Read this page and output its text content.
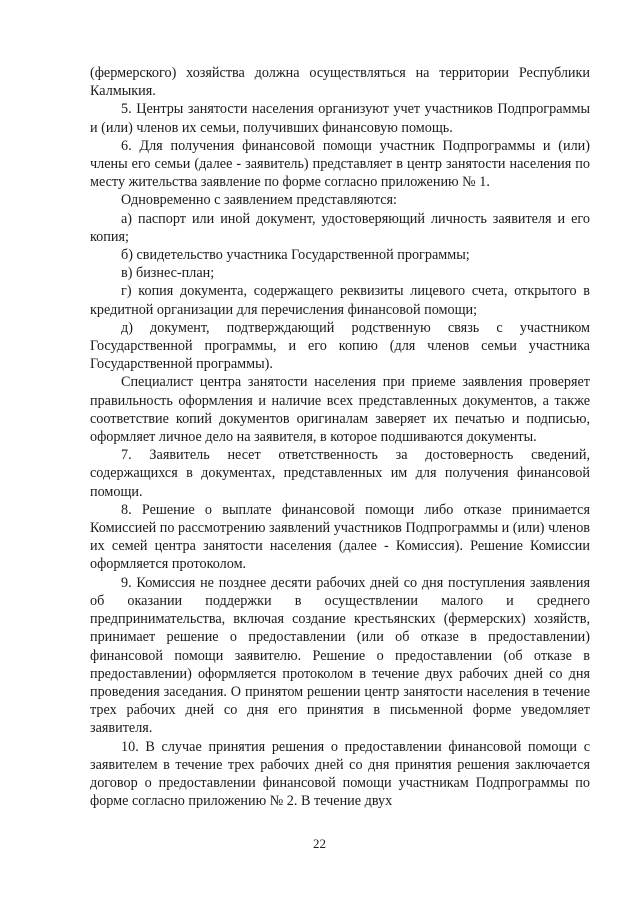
(фермерского) хозяйства должна осуществляться на территории Республики Калмыкия.

5. Центры занятости населения организуют учет участников Подпрограммы и (или) членов их семьи, получивших финансовую помощь.

6. Для получения финансовой помощи участник Подпрограммы и (или) члены его семьи (далее - заявитель) представляет в центр занятости населения по месту жительства заявление по форме согласно приложению № 1.

Одновременно с заявлением представляются:

а) паспорт или иной документ, удостоверяющий личность заявителя и его копия;

б) свидетельство участника Государственной программы;

в) бизнес-план;

г) копия документа, содержащего реквизиты лицевого счета, открытого в кредитной организации для перечисления финансовой помощи;

д) документ, подтверждающий родственную связь с участником Государственной программы, и его копию (для членов семьи участника Государственной программы).

Специалист центра занятости населения при приеме заявления проверяет правильность оформления и наличие всех представленных документов, а также соответствие копий документов оригиналам заверяет их печатью и подписью, оформляет личное дело на заявителя, в которое подшиваются документы.

7. Заявитель несет ответственность за достоверность сведений, содержащихся в документах, представленных им для получения финансовой помощи.

8. Решение о выплате финансовой помощи либо отказе принимается Комиссией по рассмотрению заявлений участников Подпрограммы и (или) членов их семей центра занятости населения (далее - Комиссия). Решение Комиссии оформляется протоколом.

9. Комиссия не позднее десяти рабочих дней со дня поступления заявления об оказании поддержки в осуществлении малого и среднего предпринимательства, включая создание крестьянских (фермерских) хозяйств, принимает решение о предоставлении (или об отказе в предоставлении) финансовой помощи заявителю. Решение о предоставлении (об отказе в предоставлении) оформляется протоколом в течение двух рабочих дней со дня проведения заседания. О принятом решении центр занятости населения в течение трех рабочих дней со дня его принятия в письменной форме уведомляет заявителя.

10. В случае принятия решения о предоставлении финансовой помощи с заявителем в течение трех рабочих дней со дня принятия решения заключается договор о предоставлении финансовой помощи участникам Подпрограммы по форме согласно приложению № 2. В течение двух

22
